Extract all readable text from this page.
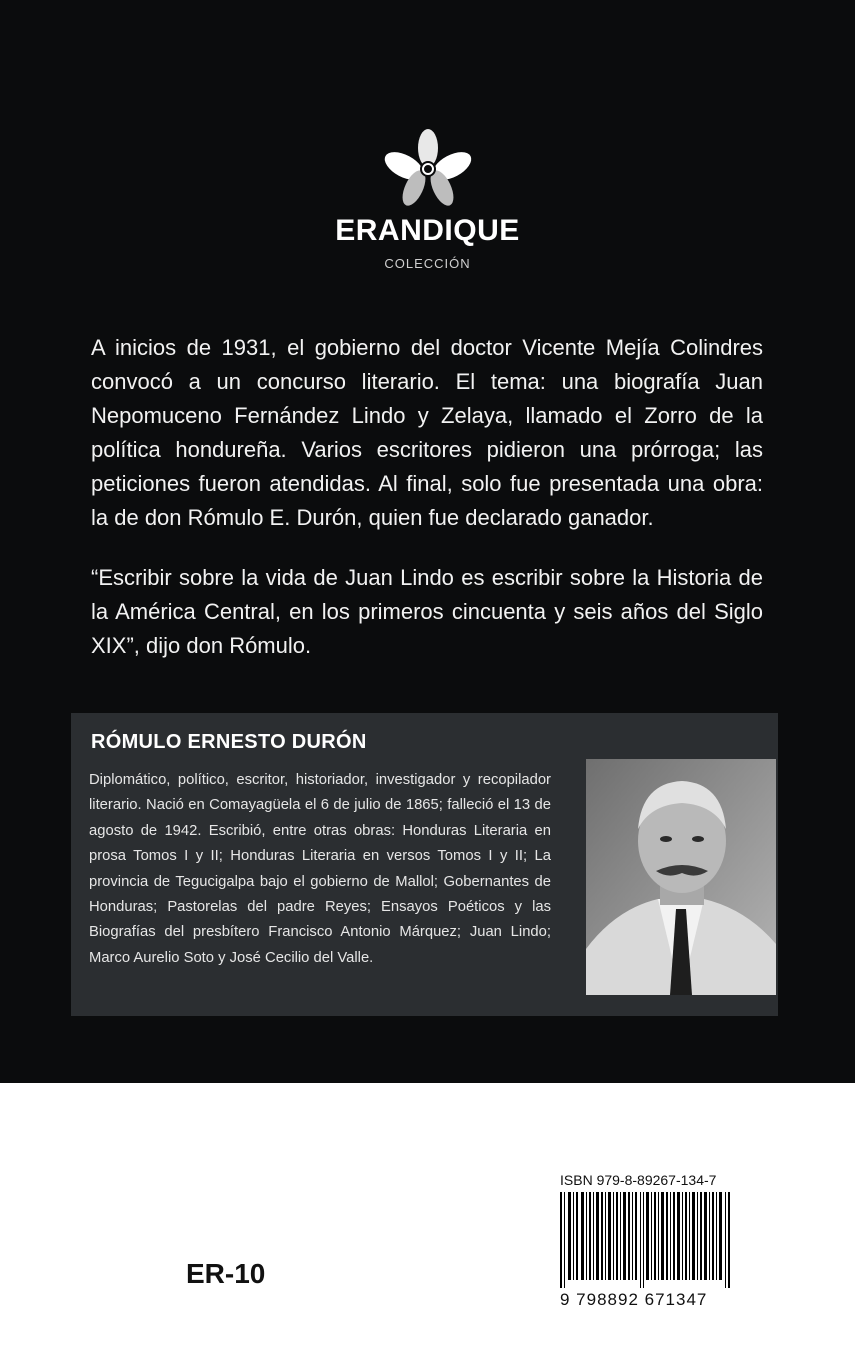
ERANDIQUE
COLECCIÓN

A inicios de 1931, el gobierno del doctor Vicente Mejía Colindres convocó a un concurso literario. El tema: una biografía Juan Nepomuceno Fernández Lindo y Zelaya, llamado el Zorro de la política hondureña. Varios escritores pidieron una prórroga; las peticiones fueron atendidas. Al final, solo fue presentada una obra: la de don Rómulo E. Durón, quien fue declarado ganador.

“Escribir sobre la vida de Juan Lindo es escribir sobre la Historia de la América Central, en los primeros cincuenta y seis años del Siglo XIX”, dijo don Rómulo.

RÓMULO ERNESTO DURÓN

Diplomático, político, escritor, historiador, investigador y recopilador literario. Nació en Comayagüela el 6 de julio de 1865; falleció el 13 de agosto de 1942. Escribió, entre otras obras: Honduras Literaria en prosa Tomos I y II; Honduras Literaria en versos Tomos I y II; La provincia de Tegucigalpa bajo el gobierno de Mallol; Gobernantes de Honduras; Pastorelas del padre Reyes; Ensayos Poéticos y las Biografías del presbítero Francisco Antonio Márquez; Juan Lindo; Marco Aurelio Soto y José Cecilio del Valle.

ISBN 979-8-89267-134-7
9 798892 671347
ER-10
